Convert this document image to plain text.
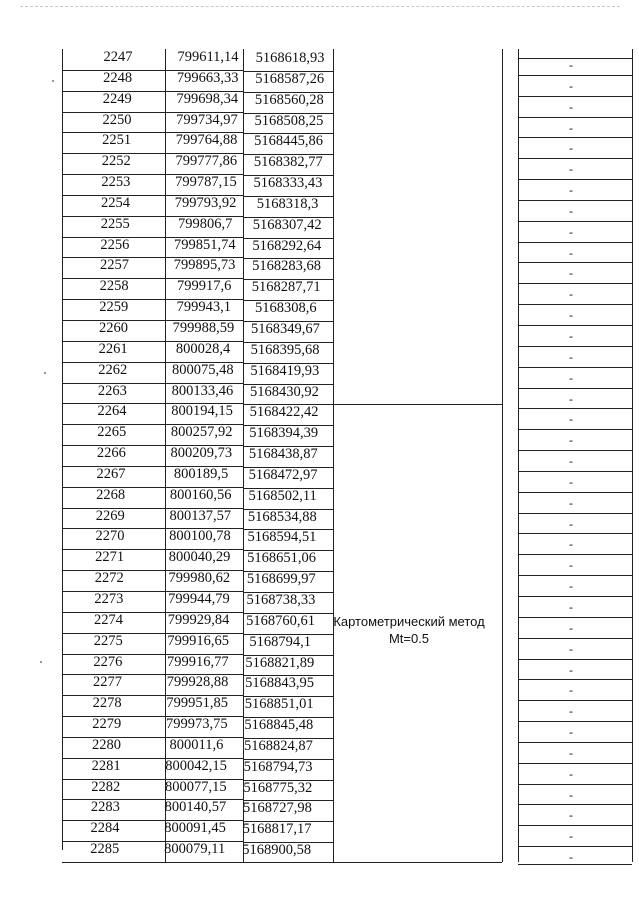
Картометрический метод
Mt=0.5
2247	799611,14	5168618,93	-
2248	799663,33	5168587,26	-
2249	799698,34	5168560,28	-
2250	799734,97	5168508,25	-
2251	799764,88	5168445,86	-
2252	799777,86	5168382,77	-
2253	799787,15	5168333,43	-
2254	799793,92	5168318,3	-
2255	799806,7	5168307,42	-
2256	799851,74	5168292,64	-
2257	799895,73	5168283,68	-
2258	799917,6	5168287,71	-
2259	799943,1	5168308,6	-
2260	799988,59	5168349,67	-
2261	800028,4	5168395,68	-
2262	800075,48	5168419,93	-
2263	800133,46	5168430,92	-
2264	800194,15	5168422,42	-
2265	800257,92	5168394,39	-
2266	800209,73	5168438,87	-
2267	800189,5	5168472,97	-
2268	800160,56	5168502,11	-
2269	800137,57	5168534,88	-
2270	800100,78	5168594,51	-
2271	800040,29	5168651,06	-
2272	799980,62	5168699,97	-
2273	799944,79	5168738,33	-
2274	799929,84	5168760,61	-
2275	799916,65	5168794,1	-
2276	799916,77	5168821,89	-
2277	799928,88	5168843,95	-
2278	799951,85	5168851,01	-
2279	799973,75	5168845,48	-
2280	800011,6	5168824,87	-
2281	800042,15	5168794,73	-
2282	800077,15	5168775,32	-
2283	800140,57	5168727,98	-
2284	800091,45	5168817,17	-
2285	800079,11	5168900,58	-
